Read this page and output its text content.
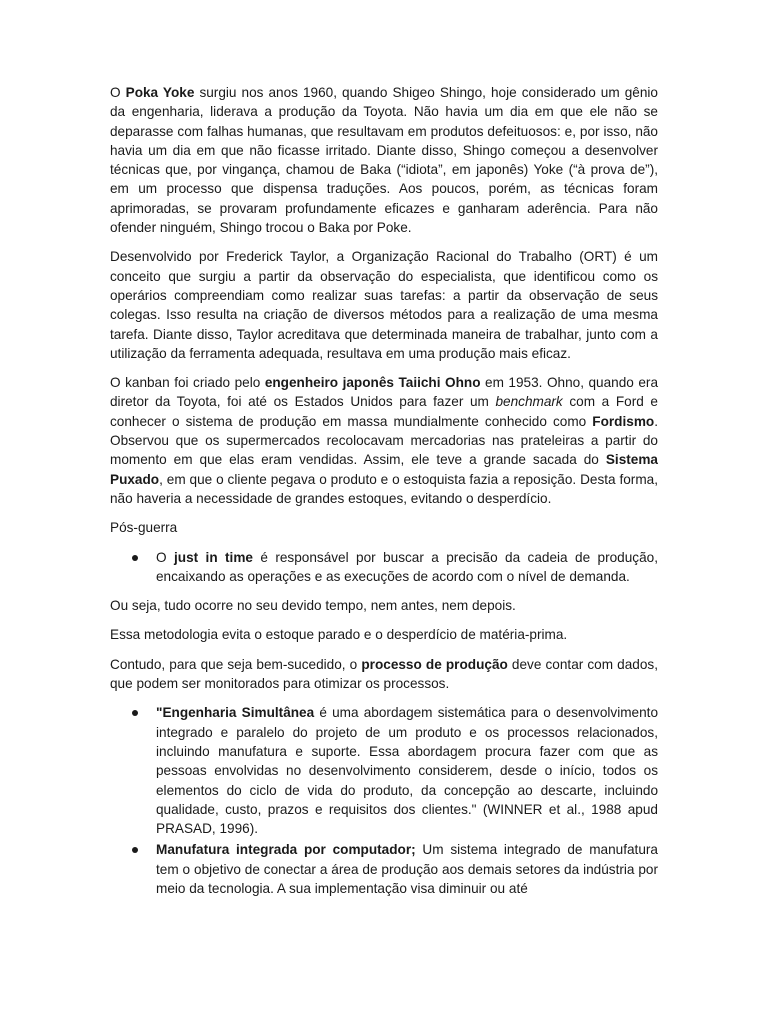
O Poka Yoke surgiu nos anos 1960, quando Shigeo Shingo, hoje considerado um gênio da engenharia, liderava a produção da Toyota. Não havia um dia em que ele não se deparasse com falhas humanas, que resultavam em produtos defeituosos: e, por isso, não havia um dia em que não ficasse irritado. Diante disso, Shingo começou a desenvolver técnicas que, por vingança, chamou de Baka (“idiota”, em japonês) Yoke (“à prova de”), em um processo que dispensa traduções. Aos poucos, porém, as técnicas foram aprimoradas, se provaram profundamente eficazes e ganharam aderência. Para não ofender ninguém, Shingo trocou o Baka por Poke.

Desenvolvido por Frederick Taylor, a Organização Racional do Trabalho (ORT) é um conceito que surgiu a partir da observação do especialista, que identificou como os operários compreendiam como realizar suas tarefas: a partir da observação de seus colegas. Isso resulta na criação de diversos métodos para a realização de uma mesma tarefa. Diante disso, Taylor acreditava que determinada maneira de trabalhar, junto com a utilização da ferramenta adequada, resultava em uma produção mais eficaz.

O kanban foi criado pelo engenheiro japonês Taiichi Ohno em 1953. Ohno, quando era diretor da Toyota, foi até os Estados Unidos para fazer um benchmark com a Ford e conhecer o sistema de produção em massa mundialmente conhecido como Fordismo. Observou que os supermercados recolocavam mercadorias nas prateleiras a partir do momento em que elas eram vendidas. Assim, ele teve a grande sacada do Sistema Puxado, em que o cliente pegava o produto e o estoquista fazia a reposição. Desta forma, não haveria a necessidade de grandes estoques, evitando o desperdício.

Pós-guerra

O just in time é responsável por buscar a precisão da cadeia de produção, encaixando as operações e as execuções de acordo com o nível de demanda.

Ou seja, tudo ocorre no seu devido tempo, nem antes, nem depois.

Essa metodologia evita o estoque parado e o desperdício de matéria-prima.

Contudo, para que seja bem-sucedido, o processo de produção deve contar com dados, que podem ser monitorados para otimizar os processos.

"Engenharia Simultânea é uma abordagem sistemática para o desenvolvimento integrado e paralelo do projeto de um produto e os processos relacionados, incluindo manufatura e suporte. Essa abordagem procura fazer com que as pessoas envolvidas no desenvolvimento considerem, desde o início, todos os elementos do ciclo de vida do produto, da concepção ao descarte, incluindo qualidade, custo, prazos e requisitos dos clientes." (WINNER et al., 1988 apud PRASAD, 1996).
Manufatura integrada por computador; Um sistema integrado de manufatura tem o objetivo de conectar a área de produção aos demais setores da indústria por meio da tecnologia. A sua implementação visa diminuir ou até
